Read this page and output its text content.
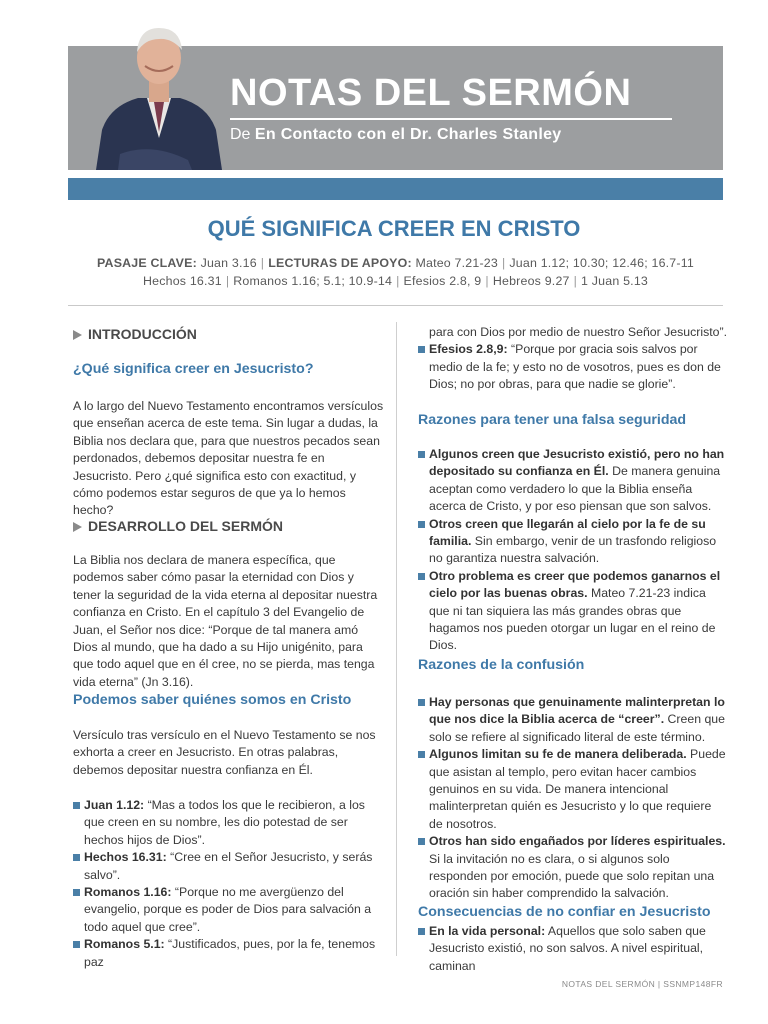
NOTAS DEL SERMÓN
De En Contacto con el Dr. Charles Stanley
QUÉ SIGNIFICA CREER EN CRISTO
PASAJE CLAVE: Juan 3.16 | LECTURAS DE APOYO: Mateo 7.21-23 | Juan 1.12; 10.30; 12.46; 16.7-11
Hechos 16.31 | Romanos 1.16; 5.1; 10.9-14 | Efesios 2.8, 9 | Hebreos 9.27 | 1 Juan 5.13
INTRODUCCIÓN
¿Qué significa creer en Jesucristo?
A lo largo del Nuevo Testamento encontramos versículos que enseñan acerca de este tema. Sin lugar a dudas, la Biblia nos declara que, para que nuestros pecados sean perdonados, debemos depositar nuestra fe en Jesucristo. Pero ¿qué significa esto con exactitud, y cómo podemos estar seguros de que ya lo hemos hecho?
DESARROLLO DEL SERMÓN
La Biblia nos declara de manera específica, que podemos saber cómo pasar la eternidad con Dios y tener la seguridad de la vida eterna al depositar nuestra confianza en Cristo. En el capítulo 3 del Evangelio de Juan, el Señor nos dice: “Porque de tal manera amó Dios al mundo, que ha dado a su Hijo unigénito, para que todo aquel que en él cree, no se pierda, mas tenga vida eterna” (Jn 3.16).
Podemos saber quiénes somos en Cristo
Versículo tras versículo en el Nuevo Testamento se nos exhorta a creer en Jesucristo. En otras palabras, debemos depositar nuestra confianza en Él.
Juan 1.12: “Mas a todos los que le recibieron, a los que creen en su nombre, les dio potestad de ser hechos hijos de Dios”.
Hechos 16.31: “Cree en el Señor Jesucristo, y serás salvo”.
Romanos 1.16: “Porque no me avergüenzo del evangelio, porque es poder de Dios para salvación a todo aquel que cree”.
Romanos 5.1: “Justificados, pues, por la fe, tenemos paz
para con Dios por medio de nuestro Señor Jesucristo”.
Efesios 2.8,9: “Porque por gracia sois salvos por medio de la fe; y esto no de vosotros, pues es don de Dios; no por obras, para que nadie se glorie”.
Razones para tener una falsa seguridad
Algunos creen que Jesucristo existió, pero no han depositado su confianza en Él. De manera genuina aceptan como verdadero lo que la Biblia enseña acerca de Cristo, y por eso piensan que son salvos.
Otros creen que llegarán al cielo por la fe de su familia. Sin embargo, venir de un trasfondo religioso no garantiza nuestra salvación.
Otro problema es creer que podemos ganarnos el cielo por las buenas obras. Mateo 7.21-23 indica que ni tan siquiera las más grandes obras que hagamos nos pueden otorgar un lugar en el reino de Dios.
Razones de la confusión
Hay personas que genuinamente malinterpretan lo que nos dice la Biblia acerca de “creer”. Creen que solo se refiere al significado literal de este término.
Algunos limitan su fe de manera deliberada. Puede que asistan al templo, pero evitan hacer cambios genuinos en su vida. De manera intencional malinterpretan quién es Jesucristo y lo que requiere de nosotros.
Otros han sido engañados por líderes espirituales. Si la invitación no es clara, o si algunos solo responden por emoción, puede que solo repitan una oración sin haber comprendido la salvación.
Consecuencias de no confiar en Jesucristo
En la vida personal: Aquellos que solo saben que Jesucristo existió, no son salvos. A nivel espiritual, caminan
NOTAS DEL SERMÓN | SSNMP148FR
